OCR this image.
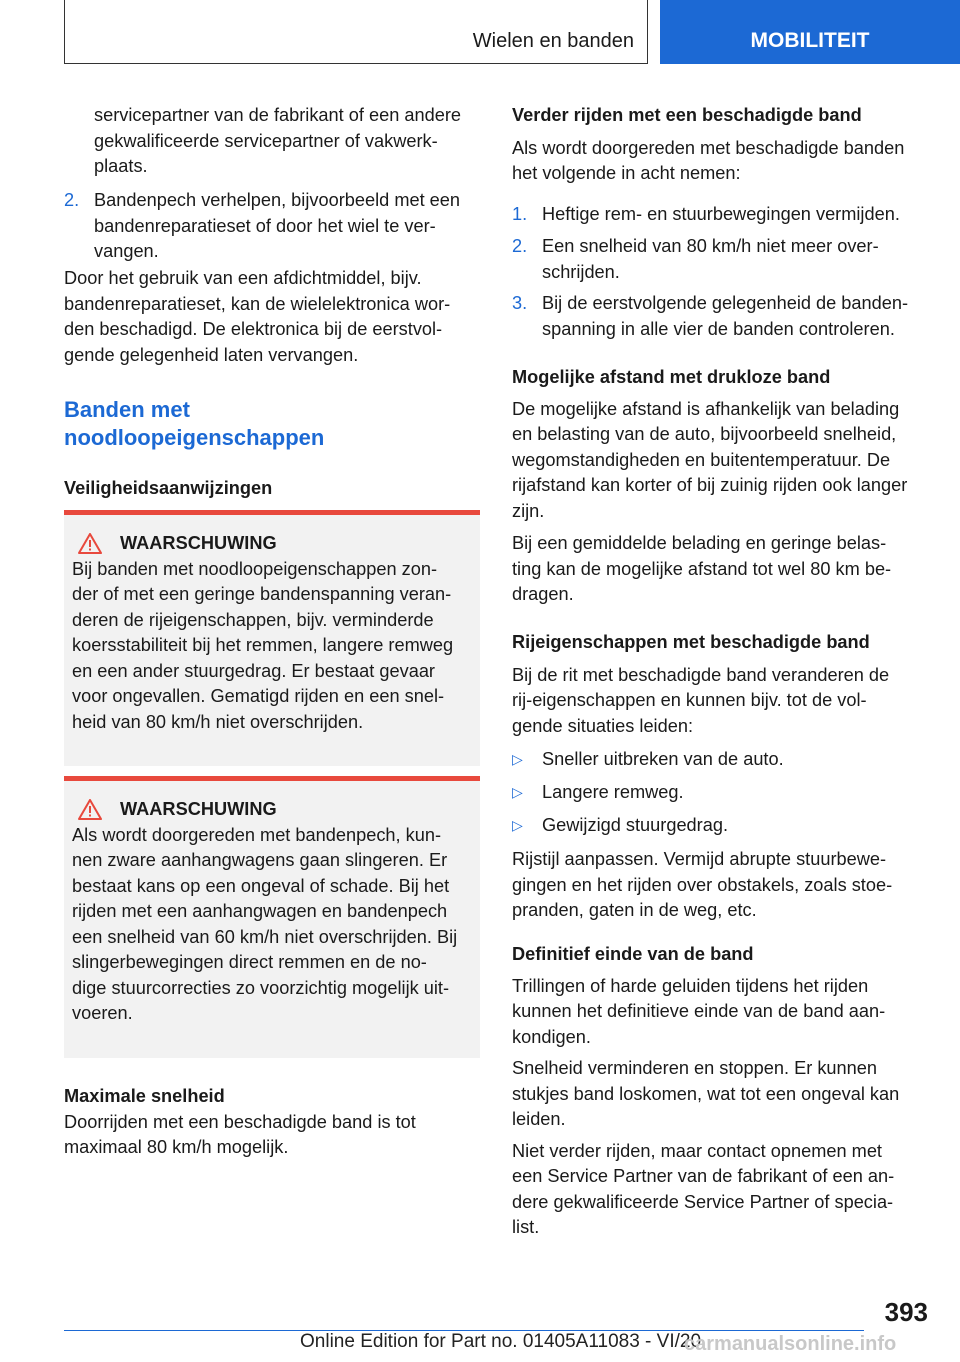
Wielen en banden	MOBILITEIT

servicepartner van de fabrikant of een andere

gekwalificeerde servicepartner of vakwerk-

plaats.

2. Bandenpech verhelpen, bijvoorbeeld met een

bandenreparatieset of door het wiel te ver-

vangen.

Door het gebruik van een afdichtmiddel, bijv.

bandenreparatieset, kan de wielelektronica wor-

den beschadigd. De elektronica bij de eerstvol-

gende gelegenheid laten vervangen.

Banden met
noodloopeigenschappen
Veiligheidsaanwijzingen
WAARSCHUWING

Bij banden met noodloopeigenschappen zon-

der of met een geringe bandenspanning veran-

deren de rijeigenschappen, bijv. verminderde

koersstabiliteit bij het remmen, langere remweg

en een ander stuurgedrag. Er bestaat gevaar

voor ongevallen. Gematigd rijden en een snel-

heid van 80 km/h niet overschrijden.

WAARSCHUWING

Als wordt doorgereden met bandenpech, kun-

nen zware aanhangwagens gaan slingeren. Er

bestaat kans op een ongeval of schade. Bij het

rijden met een aanhangwagen en bandenpech

een snelheid van 60 km/h niet overschrijden. Bij

slingerbewegingen direct remmen en de no-

dige stuurcorrecties zo voorzichtig mogelijk uit-

voeren.

Maximale snelheid

Doorrijden met een beschadigde band is tot

maximaal 80 km/h mogelijk.

Verder rijden met een beschadigde band

Als wordt doorgereden met beschadigde banden

het volgende in acht nemen:

1. Heftige rem- en stuurbewegingen vermijden.

2. Een snelheid van 80 km/h niet meer over-

schrijden.

3. Bij de eerstvolgende gelegenheid de banden-

spanning in alle vier de banden controleren.

Mogelijke afstand met drukloze band

De mogelijke afstand is afhankelijk van belading

en belasting van de auto, bijvoorbeeld snelheid,

wegomstandigheden en buitentemperatuur. De

rijafstand kan korter of bij zuinig rijden ook langer

zijn.

Bij een gemiddelde belading en geringe belas-

ting kan de mogelijke afstand tot wel 80 km be-

dragen.

Rijeigenschappen met beschadigde band

Bij de rit met beschadigde band veranderen de

rij-eigenschappen en kunnen bijv. tot de vol-

gende situaties leiden:

▷ Sneller uitbreken van de auto.

▷ Langere remweg.

▷ Gewijzigd stuurgedrag.

Rijstijl aanpassen. Vermijd abrupte stuurbewe-

gingen en het rijden over obstakels, zoals stoe-

pranden, gaten in de weg, etc.

Definitief einde van de band

Trillingen of harde geluiden tijdens het rijden

kunnen het definitieve einde van de band aan-

kondigen.

Snelheid verminderen en stoppen. Er kunnen

stukjes band loskomen, wat tot een ongeval kan

leiden.

Niet verder rijden, maar contact opnemen met

een Service Partner van de fabrikant of een an-

dere gekwalificeerde Service Partner of specia-

list.

393
Online Edition for Part no. 01405A11083 - VI/20
carmanualsonline.info
